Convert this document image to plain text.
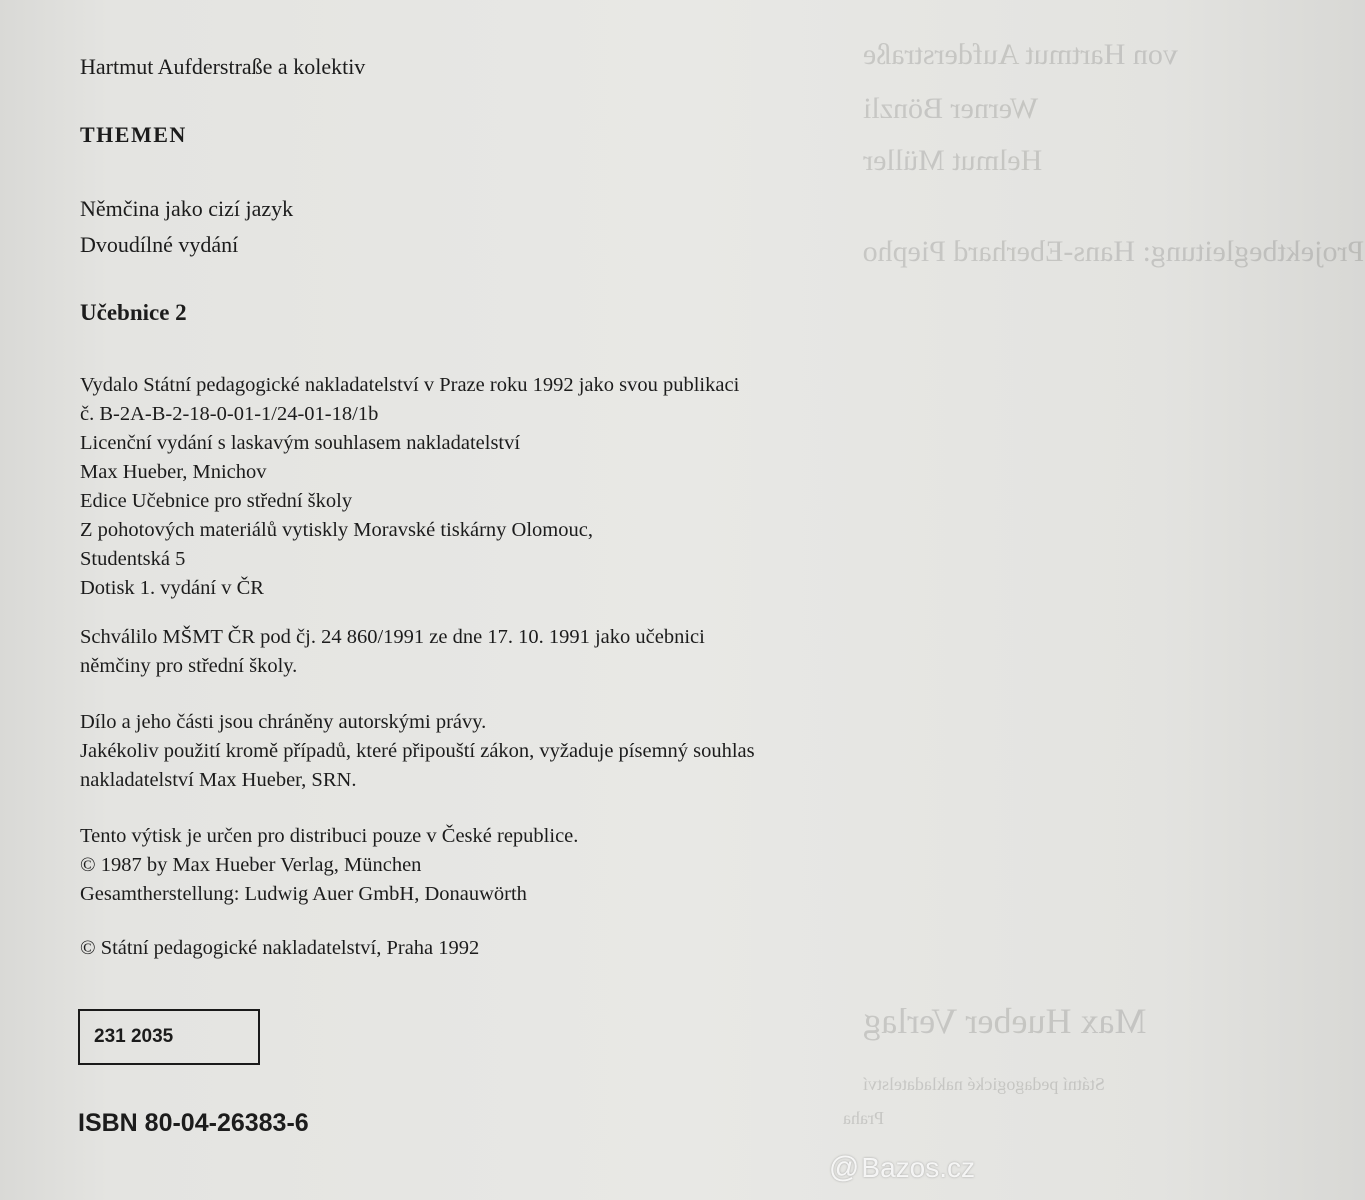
von Hartmut Aufderstraße
Werner Bönzli
Helmut Müller
Projektbegleitung: Hans-Eberhard Piepho
Max Hueber Verlag
Státní pedagogické nakladatelství
Praha
Hartmut Aufderstraße a kolektiv
THEMEN
Němčina jako cizí jazyk
Dvoudílné vydání
Učebnice 2
Vydalo Státní pedagogické nakladatelství v Praze roku 1992 jako svou publikaci
č. B-2A-B-2-18-0-01-1/24-01-18/1b
Licenční vydání s laskavým souhlasem nakladatelství
Max Hueber, Mnichov
Edice Učebnice pro střední školy
Z pohotových materiálů vytiskly Moravské tiskárny Olomouc,
Studentská 5
Dotisk 1. vydání v ČR
Schválilo MŠMT ČR pod čj. 24 860/1991 ze dne 17. 10. 1991 jako učebnici
němčiny pro střední školy.
Dílo a jeho části jsou chráněny autorskými právy.
Jakékoliv použití kromě případů, které připouští zákon, vyžaduje písemný souhlas
nakladatelství Max Hueber, SRN.
Tento výtisk je určen pro distribuci pouze v České republice.
© 1987 by Max Hueber Verlag, München
Gesamtherstellung: Ludwig Auer GmbH, Donauwörth
© Státní pedagogické nakladatelství, Praha 1992
231 2035
ISBN 80-04-26383-6
@Bazos.cz
